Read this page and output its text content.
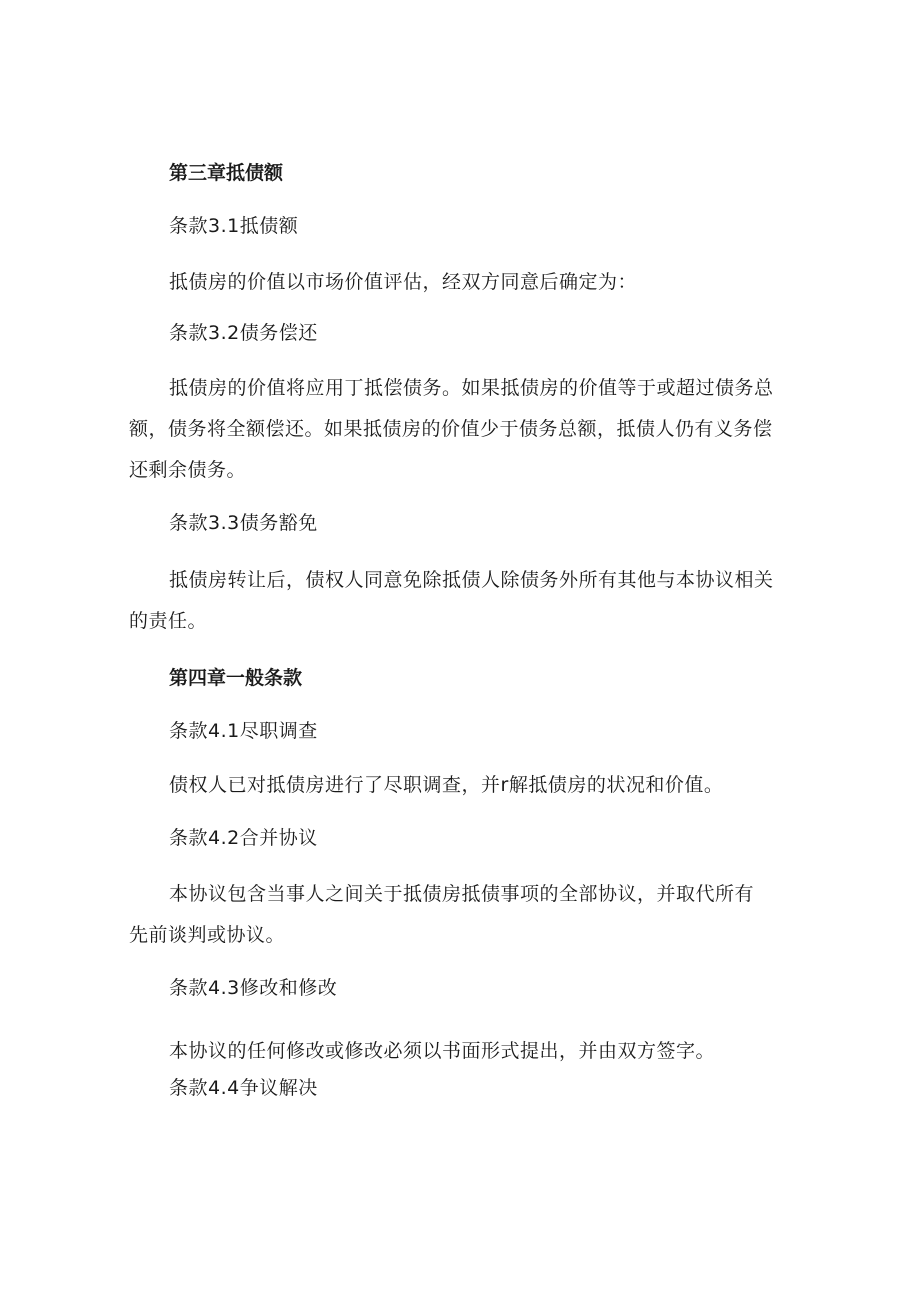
第三章抵债额
条款3.1抵债额
抵债房的价值以市场价值评估，经双方同意后确定为：
条款3.2债务偿还
抵债房的价值将应用丁抵偿债务。如果抵债房的价值等于或超过债务总
额，债务将全额偿还。如果抵债房的价值少于债务总额，抵债人仍有义务偿
还剩余债务。
条款3.3债务豁免
抵债房转让后，债权人同意免除抵债人除债务外所有其他与本协议相关
的责任。
第四章一般条款
条款4.1尽职调查
债权人已对抵债房进行了尽职调查，并r解抵债房的状况和价值。
条款4.2合并协议
本协议包含当事人之间关于抵债房抵债事项的全部协议，并取代所有
先前谈判或协议。
条款4.3修改和修改
本协议的任何修改或修改必须以书面形式提出，并由双方签字。
条款4.4争议解决
